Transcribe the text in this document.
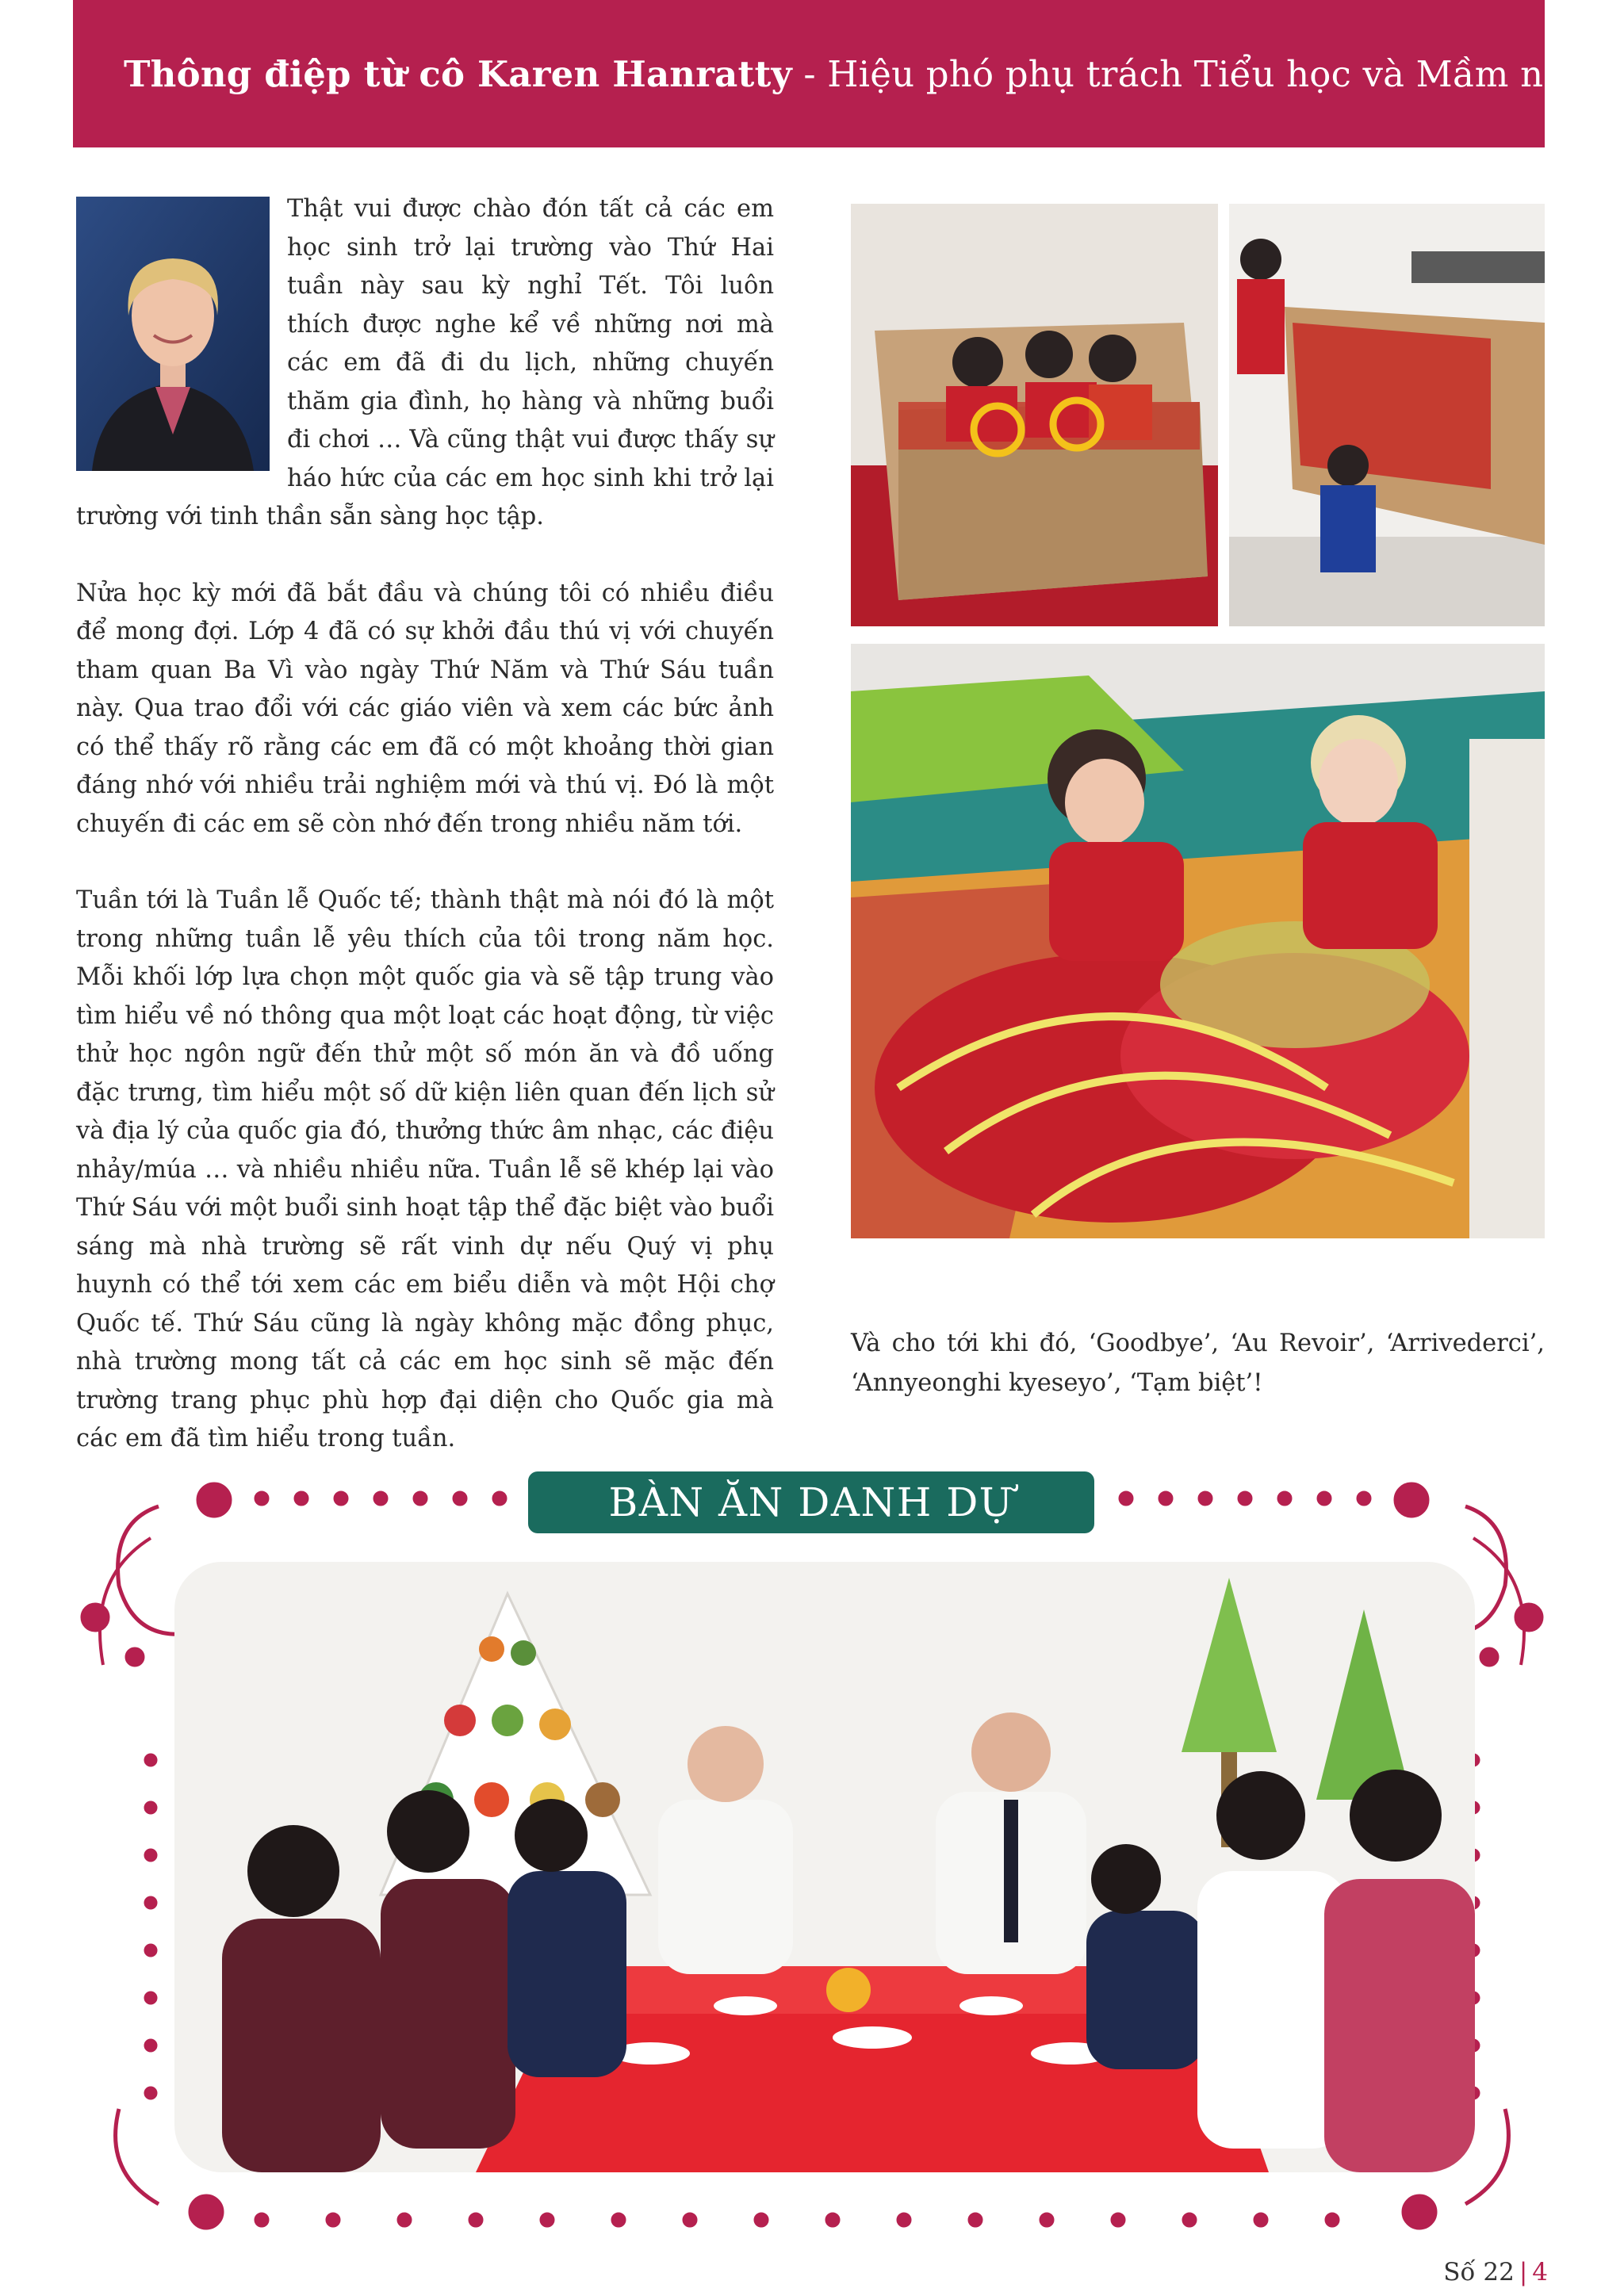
Thông điệp từ cô Karen Hanratty - Hiệu phó phụ trách Tiểu học và Mầm non

Thật vui được chào đón tất cả các em học sinh trở lại trường vào Thứ Hai tuần này sau kỳ nghỉ Tết. Tôi luôn thích được nghe kể về những nơi mà các em đã đi du lịch, những chuyến thăm gia đình, họ hàng và những buổi đi chơi … Và cũng thật vui được thấy sự háo hức của các em học sinh khi trở lại trường với tinh thần sẵn sàng học tập.

Nửa học kỳ mới đã bắt đầu và chúng tôi có nhiều điều để mong đợi. Lớp 4 đã có sự khởi đầu thú vị với chuyến tham quan Ba Vì vào ngày Thứ Năm và Thứ Sáu tuần này. Qua trao đổi với các giáo viên và xem các bức ảnh có thể thấy rõ rằng các em đã có một khoảng thời gian đáng nhớ với nhiều trải nghiệm mới và thú vị. Đó là một chuyến đi các em sẽ còn nhớ đến trong nhiều năm tới.

Tuần tới là Tuần lễ Quốc tế; thành thật mà nói đó là một trong những tuần lễ yêu thích của tôi trong năm học. Mỗi khối lớp lựa chọn một quốc gia và sẽ tập trung vào tìm hiểu về nó thông qua một loạt các hoạt động, từ việc thử học ngôn ngữ đến thử một số món ăn và đồ uống đặc trưng, tìm hiểu một số dữ kiện liên quan đến lịch sử và địa lý của quốc gia đó, thưởng thức âm nhạc, các điệu nhảy/múa … và nhiều nhiều nữa. Tuần lễ sẽ khép lại vào Thứ Sáu với một buổi sinh hoạt tập thể đặc biệt vào buổi sáng mà nhà trường sẽ rất vinh dự nếu Quý vị phụ huynh có thể tới xem các em biểu diễn và một Hội chợ Quốc tế. Thứ Sáu cũng là ngày không mặc đồng phục, nhà trường mong tất cả các em học sinh sẽ mặc đến trường trang phục phù hợp đại diện cho Quốc gia mà các em đã tìm hiểu trong tuần.

Và cho tới khi đó, ‘Goodbye’, ‘Au Revoir’, ‘Arrivederci’, ‘Annyeonghi kyeseyo’, ‘Tạm biệt’!

BÀN ĂN DANH DỰ
Số 22 | 4
